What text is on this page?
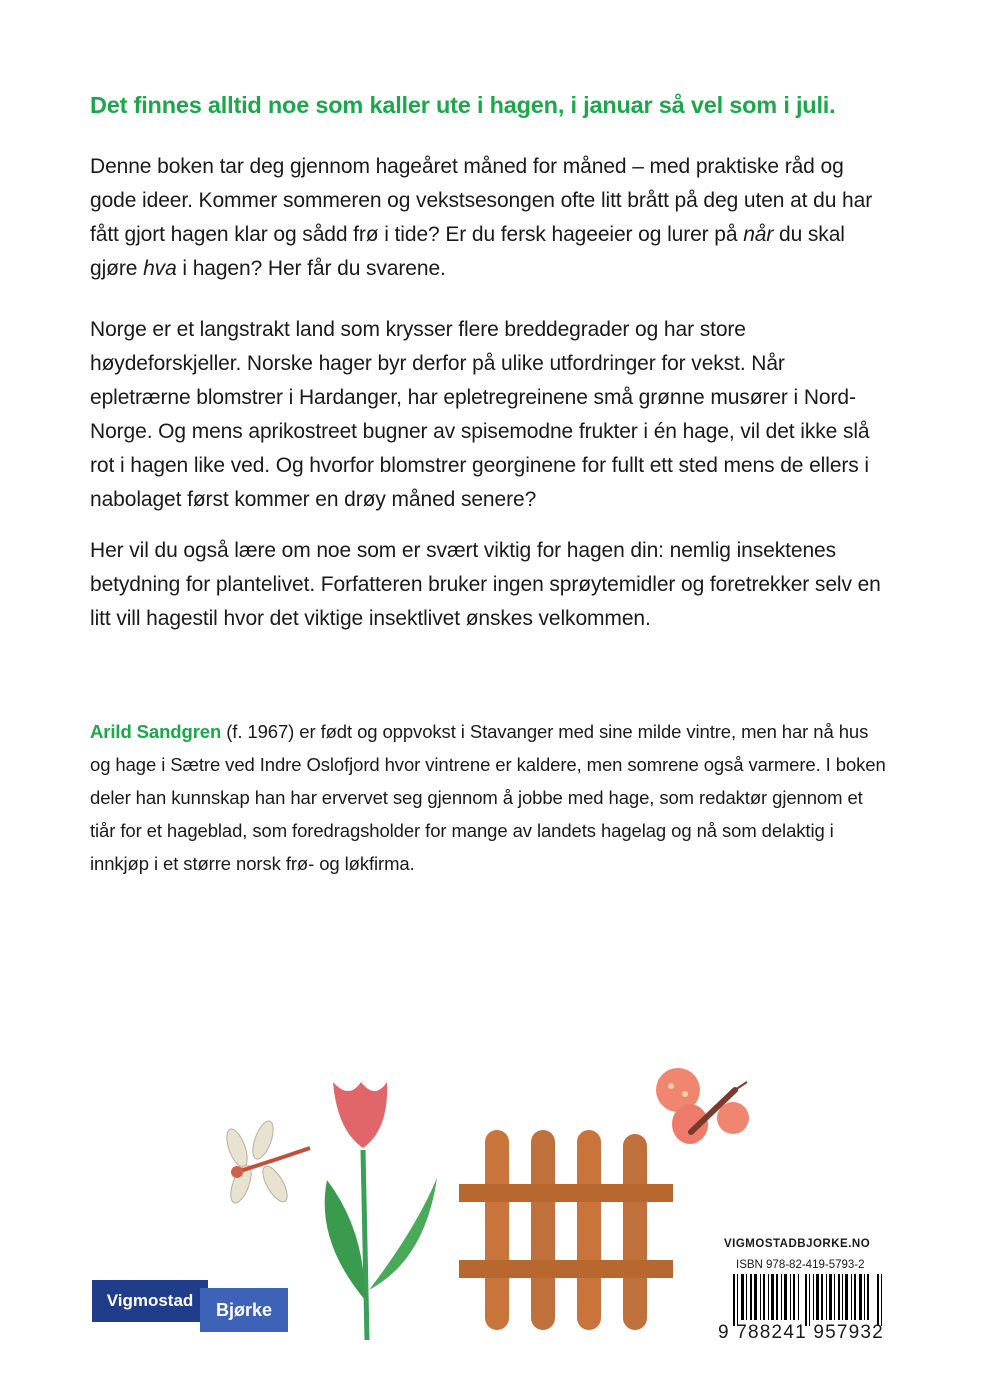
Det finnes alltid noe som kaller ute i hagen, i januar så vel som i juli.

Denne boken tar deg gjennom hageåret måned for måned – med praktiske råd og gode ideer. Kommer sommeren og vekstsesongen ofte litt brått på deg uten at du har fått gjort hagen klar og sådd frø i tide? Er du fersk hageeier og lurer på når du skal gjøre hva i hagen? Her får du svarene.

Norge er et langstrakt land som krysser flere breddegrader og har store høydeforskjeller. Norske hager byr derfor på ulike utfordringer for vekst. Når epletrærne blomstrer i Hardanger, har epletregreinene små grønne musører i Nord-Norge. Og mens aprikostreet bugner av spisemodne frukter i én hage, vil det ikke slå rot i hagen like ved. Og hvorfor blomstrer georginene for fullt ett sted mens de ellers i nabolaget først kommer en drøy måned senere?

Her vil du også lære om noe som er svært viktig for hagen din: nemlig insektenes betydning for plantelivet. Forfatteren bruker ingen sprøytemidler og foretrekker selv en litt vill hagestil hvor det viktige insektlivet ønskes velkommen.

Arild Sandgren (f. 1967) er født og oppvokst i Stavanger med sine milde vintre, men har nå hus og hage i Sætre ved Indre Oslofjord hvor vintrene er kaldere, men somrene også varmere. I boken deler han kunnskap han har ervervet seg gjennom å jobbe med hage, som redaktør gjennom et tiår for et hageblad, som foredragsholder for mange av landets hagelag og nå som delaktig i innkjøp i et større norsk frø- og løkfirma.

Vigmostad	Bjørke

VIGMOSTADBJORKE.NO

ISBN 978-82-419-5793-2

9 788241 957932
